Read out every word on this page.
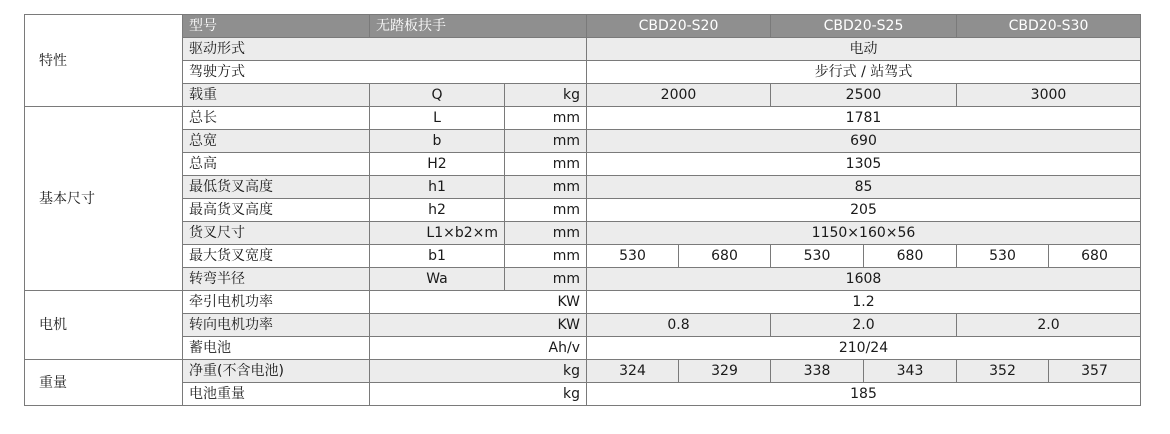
特性	型号	无踏板扶手		CBD20-S20		CBD20-S25		CBD20-S30	
	驱动形式			电动					
	驾驶方式			步行式 / 站驾式					
	载重	Q	kg	2000		2500		3000	
基本尺寸	总长	L	mm	1781					
	总宽	b	mm	690					
	总高	H2	mm	1305					
	最低货叉高度	h1	mm	85					
	最高货叉高度	h2	mm	205					
	货叉尺寸	L1×b2×m	mm	1150×160×56					
	最大货叉宽度	b1	mm	530	680	530	680	530	680
	转弯半径	Wa	mm	1608					
电机	牵引电机功率	KW		1.2					
	转向电机功率	KW		0.8		2.0		2.0	
	蓄电池	Ah/v		210/24					
重量	净重(不含电池)	kg		324	329	338	343	352	357
	电池重量	kg		185					
